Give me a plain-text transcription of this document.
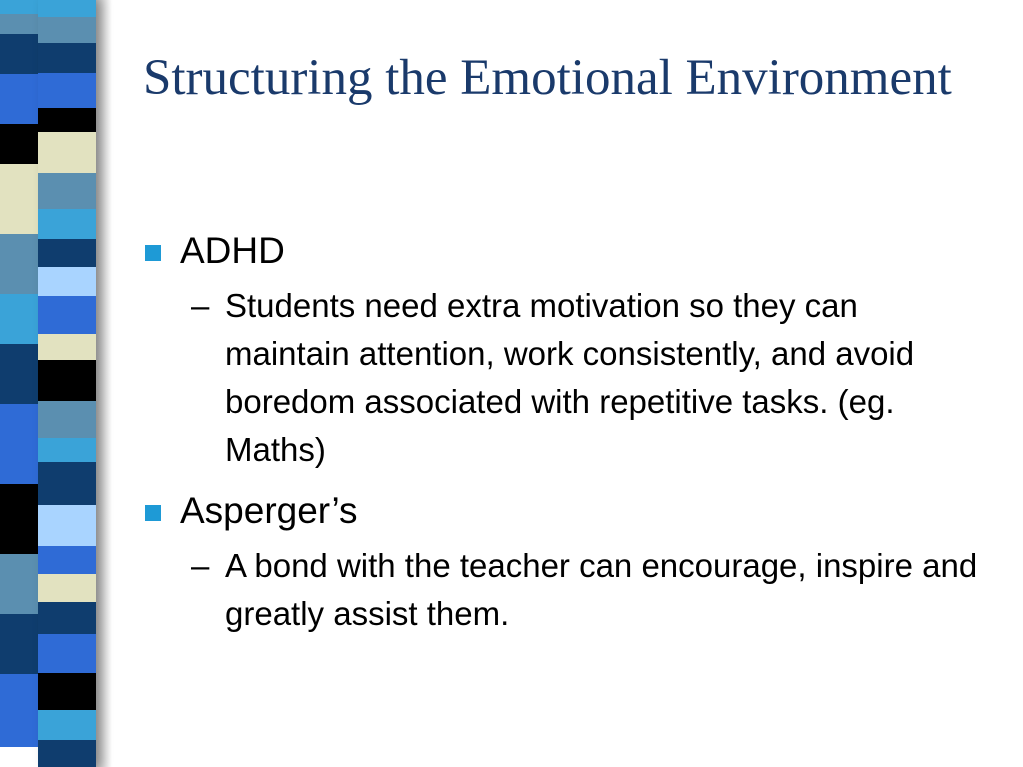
Structuring the Emotional Environment
ADHD
– Students need extra motivation so they can maintain attention, work consistently, and avoid boredom associated with repetitive tasks. (eg. Maths)
Asperger’s
– A bond with the teacher can encourage, inspire and greatly assist them.
